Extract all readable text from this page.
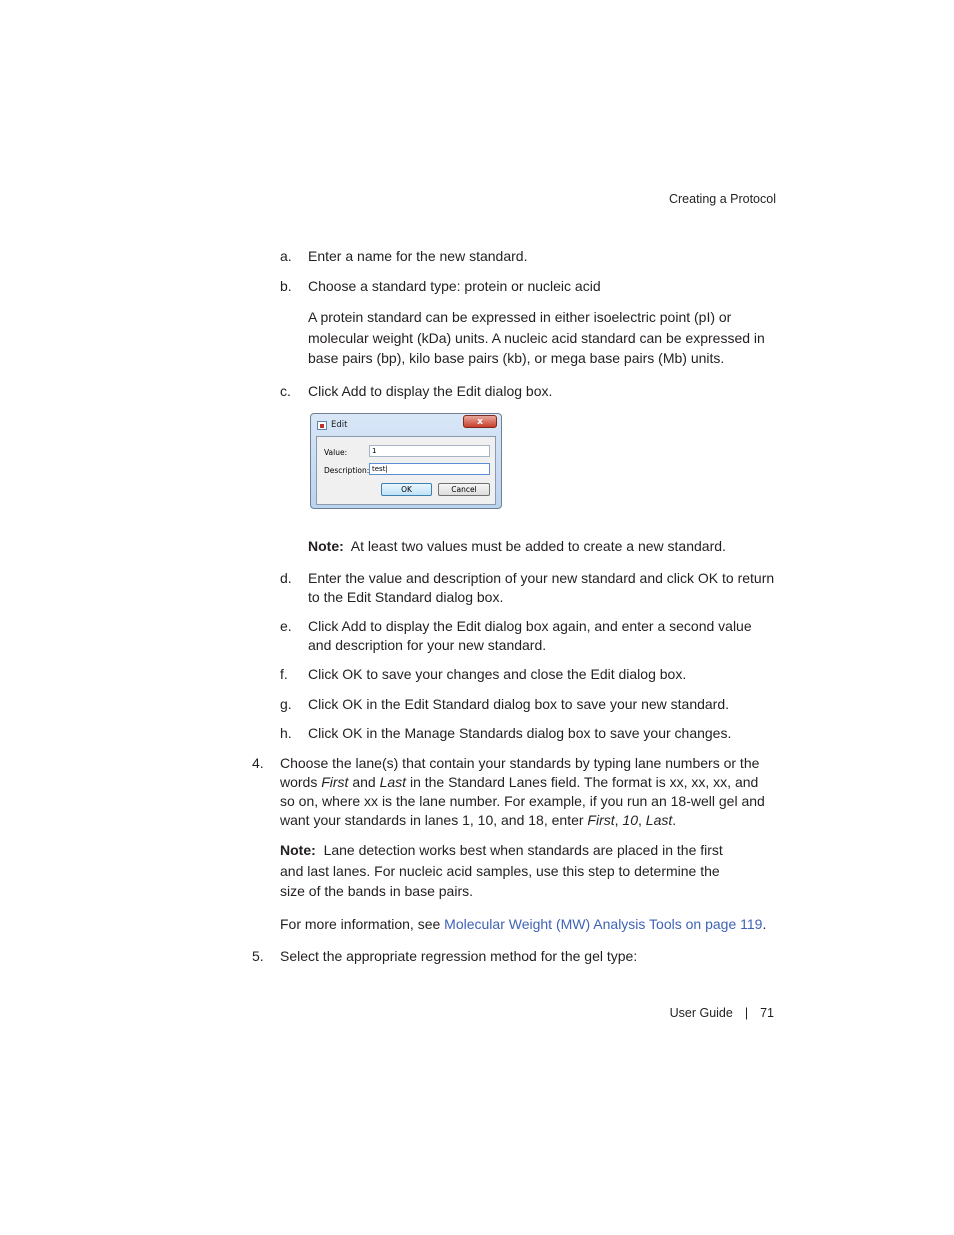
Creating a Protocol
a. Enter a name for the new standard.
b. Choose a standard type: protein or nucleic acid
A protein standard can be expressed in either isoelectric point (pI) or molecular weight (kDa) units. A nucleic acid standard can be expressed in base pairs (bp), kilo base pairs (kb), or mega base pairs (Mb) units.
c. Click Add to display the Edit dialog box.
Edit	x
Value:	1
Description: test|
OK	Cancel
Note: At least two values must be added to create a new standard.
d. Enter the value and description of your new standard and click OK to return to the Edit Standard dialog box.
e. Click Add to display the Edit dialog box again, and enter a second value and description for your new standard.
f. Click OK to save your changes and close the Edit dialog box.
g. Click OK in the Edit Standard dialog box to save your new standard.
h. Click OK in the Manage Standards dialog box to save your changes.
4. Choose the lane(s) that contain your standards by typing lane numbers or the words First and Last in the Standard Lanes field. The format is xx, xx, xx, and so on, where xx is the lane number. For example, if you run an 18-well gel and want your standards in lanes 1, 10, and 18, enter First, 10, Last.
Note: Lane detection works best when standards are placed in the first and last lanes. For nucleic acid samples, use this step to determine the size of the bands in base pairs.
For more information, see Molecular Weight (MW) Analysis Tools on page 119.
5. Select the appropriate regression method for the gel type:
User Guide | 71
